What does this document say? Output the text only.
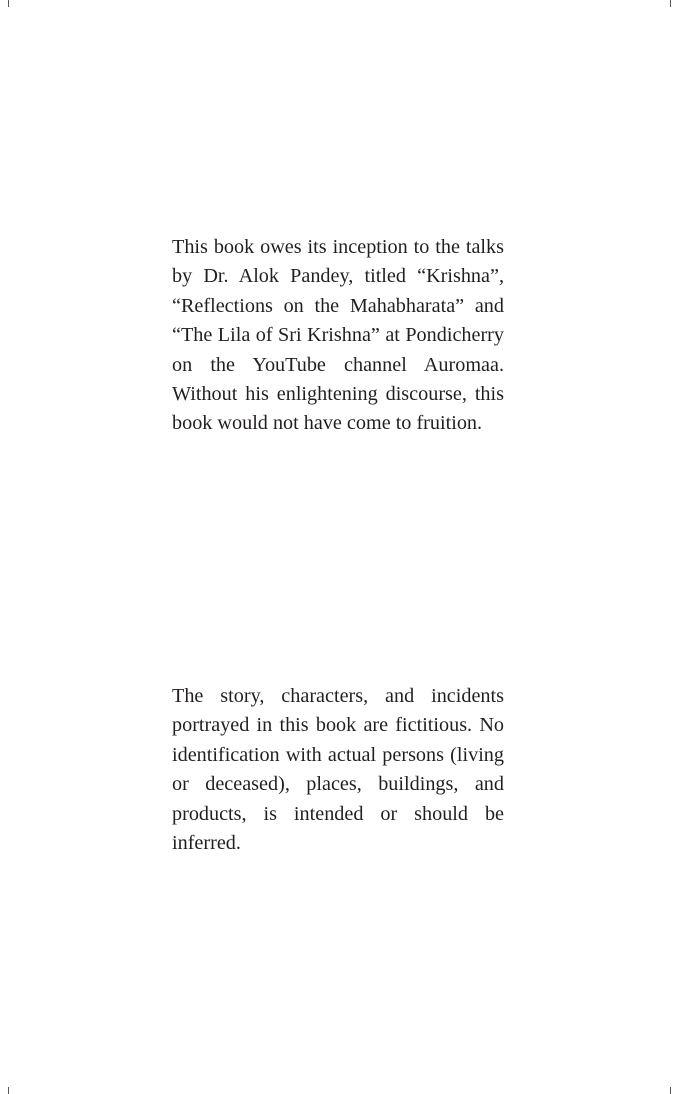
This book owes its inception to the talks
by Dr. Alok Pandey, titled “Krishna”,
“Reflections on the Mahabharata” and
“The Lila of Sri Krishna” at Pondicherry
on the YouTube channel Auromaa.
Without his enlightening discourse, this
book would not have come to fruition.

The story, characters, and incidents
portrayed in this book are fictitious. No
identification with actual persons (living
or deceased), places, buildings, and
products, is intended or should be
inferred.
